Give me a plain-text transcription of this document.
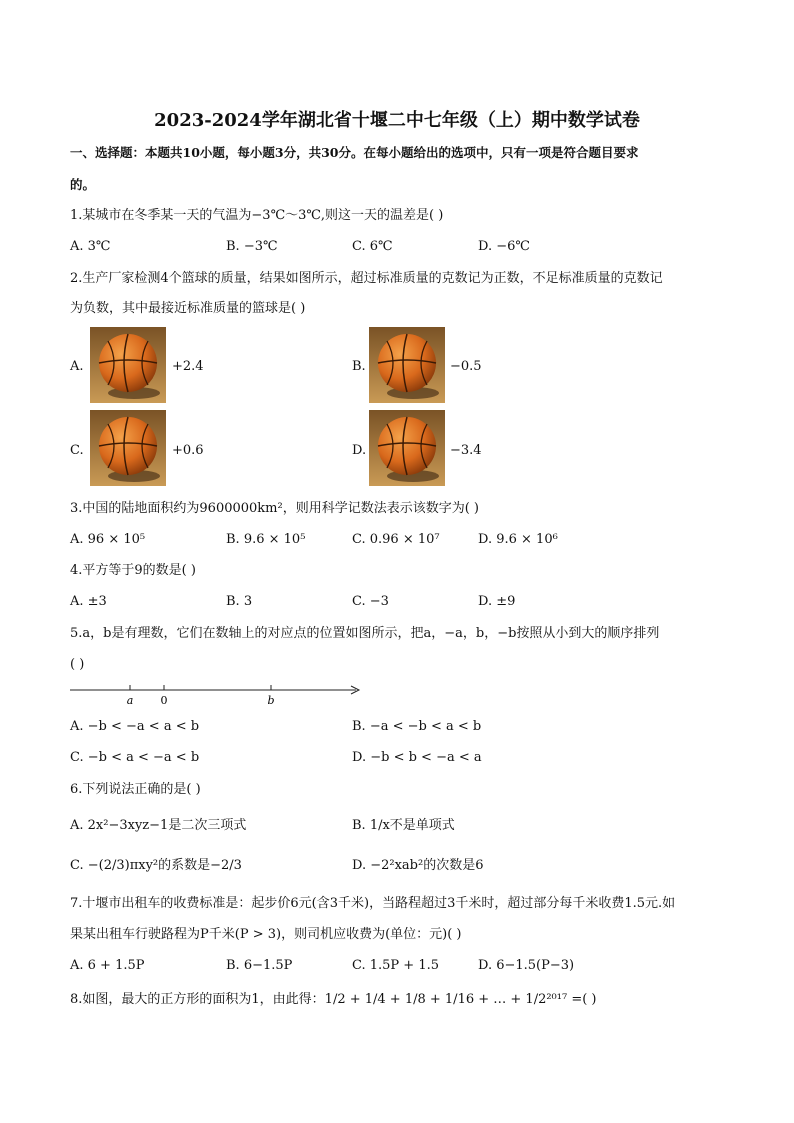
2023-2024学年湖北省十堰二中七年级（上）期中数学试卷
一、选择题：本题共10小题，每小题3分，共30分。在每小题给出的选项中，只有一项是符合题目要求
的。
1.某城市在冬季某一天的气温为−3℃～3℃,则这一天的温差是( )
A. 3℃	B. −3℃	C. 6℃	D. −6℃
2.生产厂家检测4个篮球的质量，结果如图所示，超过标准质量的克数记为正数，不足标准质量的克数记
为负数，其中最接近标准质量的篮球是( )
A.	+2.4	B.	−0.5
C.	+0.6	D.	−3.4
3.中国的陆地面积约为9600000km²，则用科学记数法表示该数字为( )
A. 96 × 10⁵	B. 9.6 × 10⁵	C. 0.96 × 10⁷	D. 9.6 × 10⁶
4.平方等于9的数是( )
A. ±3	B. 3	C. −3	D. ±9
5.a，b是有理数，它们在数轴上的对应点的位置如图所示，把a，−a，b，−b按照从小到大的顺序排列
( )
a 0	b
A. −b < −a < a < b	B. −a < −b < a < b
C. −b < a < −a < b	D. −b < b < −a < a
6.下列说法正确的是( )
A. 2x²−3xyz−1是二次三项式	B. 1/x不是单项式
C. −(2/3)πxy²的系数是−2/3	D. −2²xab²的次数是6
7.十堰市出租车的收费标准是：起步价6元(含3千米)，当路程超过3千米时，超过部分每千米收费1.5元.如
果某出租车行驶路程为P千米(P > 3)，则司机应收费为(单位：元)( )
A. 6 + 1.5P	B. 6−1.5P	C. 1.5P + 1.5	D. 6−1.5(P−3)
8.如图，最大的正方形的面积为1，由此得：1/2 + 1/4 + 1/8 + 1/16 + … + 1/2²⁰¹⁷ =( )
